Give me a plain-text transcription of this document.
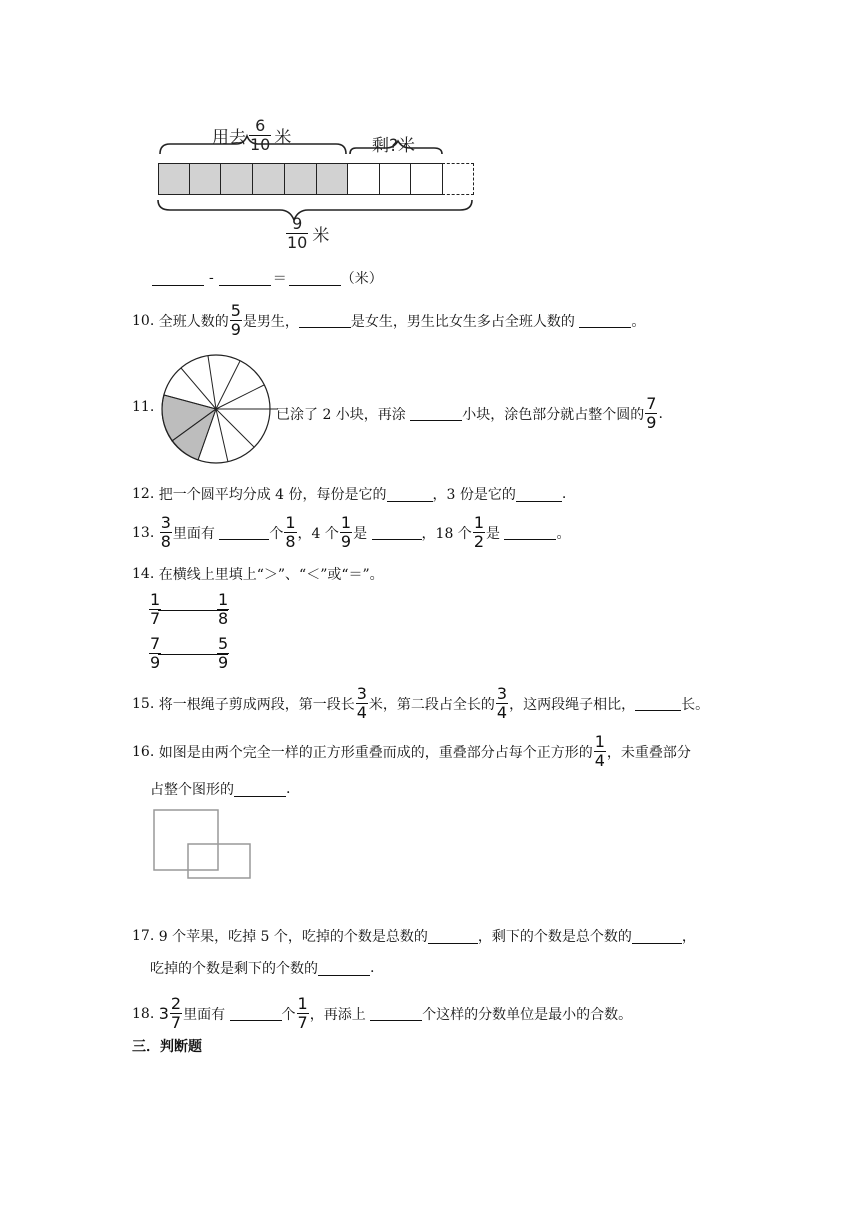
用去 $\frac{6}{10}$ 米	剩?米
$\frac{9}{10}$ 米
-	＝	（米）
10.
全班人数的 $\frac{5}{9}$ 是男生，	是女生，男生比女生多占全班人数的
	。
11.	已涂了 2 小块，再涂
	小块，涂色部分就占整个圆的 $\frac{7}{9}$ .
12.
把一个圆平均分成 4 份，每份是它的	，3 份是它的	.
13.
$\frac{3}{8}$ 里面有
	个 $\frac{1}{8}$ ，4 个 $\frac{1}{9}$ 是
	，18 个 $\frac{1}{2}$ 是
	。
14.
在横线上里填上“＞”、“＜”或“＝”。
$\frac{1}{7}$	$\frac{1}{8}$
$\frac{7}{9}$	$\frac{5}{9}$
15.
将一根绳子剪成两段，第一段长 $\frac{3}{4}$ 米，第二段占全长的 $\frac{3}{4}$ ，这两段绳子相比，	长。
16.
如图是由两个完全一样的正方形重叠而成的，重叠部分占每个正方形的 $\frac{1}{4}$ ，未重叠部分
占整个图形的	.
17.
9 个苹果，吃掉 5 个，吃掉的个数是总数的	，剩下的个数是总个数的	，
吃掉的个数是剩下的个数的	.
18.
$3 \frac{2}{7}$ 里面有
	个 $\frac{1}{7}$ ，再添上
	个这样的分数单位是最小的合数。
三．判断题
